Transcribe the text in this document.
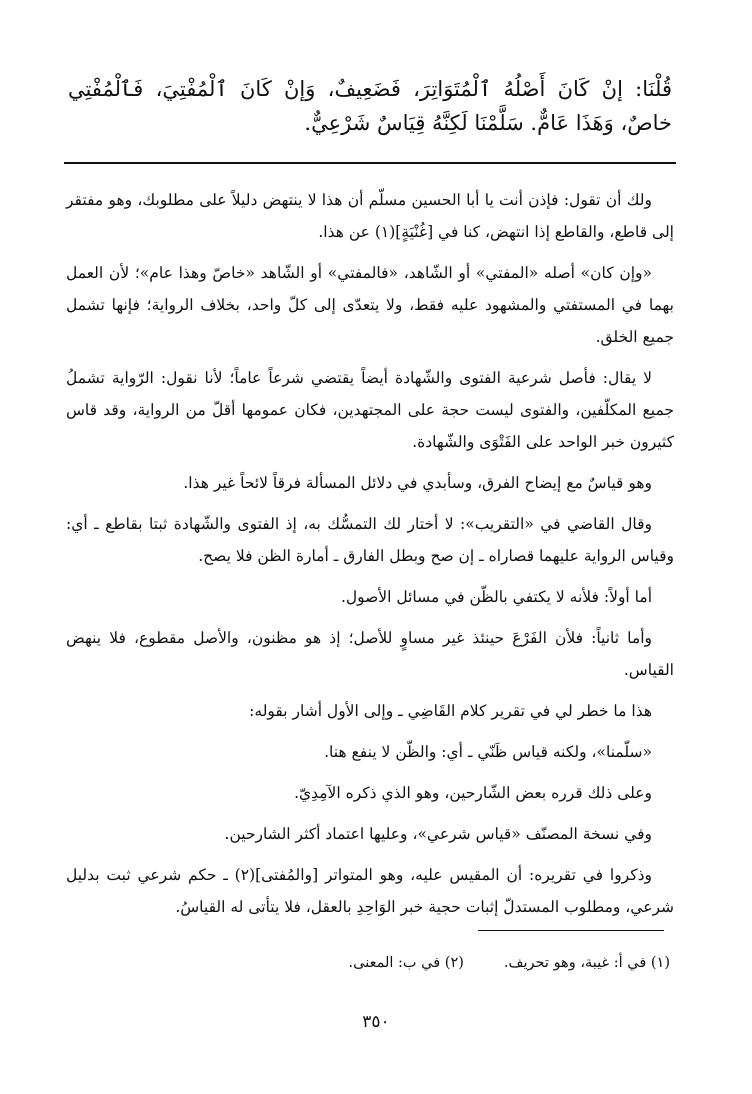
قُلْنَا: إنْ كَانَ أَصْلُهُ ٱلْمُتَوَاتِرَ، فَضَعِيفٌ، وَإنْ كَانَ ٱلْمُفْتِيَ، فَٱلْمُفْتِي خاصٌ، وَهَذَا عَامٌّ. سَلَّمْنَا لَكِنَّهُ قِيَاسٌ شَرْعِيٌّ.

ولك أن تقول: فإذن أنت يا أبا الحسين مسلّم أن هذا لا ينتهض دليلاً على مطلوبك، وهو مفتقر إلى قاطع، والقاطع إذا انتهض، كنا في [غُنْيَةٍ](١) عن هذا.

«وإن كان» أصله «المفتي» أو الشّاهد، «فالمفتي» أو الشّاهد «خاصّ وهذا عام»؛ لأن العمل بهما في المستفتي والمشهود عليه فقط، ولا يتعدّى إلى كلّ واحد، بخلاف الرواية؛ فإنها تشمل جميع الخلق.

لا يقال: فأصل شرعية الفتوى والشّهادة أيضاً يقتضي شرعاً عاماً؛ لأنا نقول: الرّواية تشملُ جميع المكلّفين، والفتوى ليست حجة على المجتهدين، فكان عمومها أقلّ من الرواية، وقد قاس كثيرون خبر الواحد على الفَتْوَى والشّهادة.

وهو قياسٌ مع إيضاح الفرق، وسأبدي في دلائل المسألة فرقاً لائحاً غير هذا.

وقال القاضي في «التقريب»: لا أختار لك التمسُّك به، إذ الفتوى والشّهادة ثبتا بقاطع ـ أي: وقياس الرواية عليهما قصاراه ـ إن صح وبطل الفارق ـ أمارة الظن فلا يصح.

أما أولاً: فلأنه لا يكتفي بالظّن في مسائل الأصول.

وأما ثانياً: فلأن الفَرْعَ حينئذ غير مساوٍ للأصل؛ إذ هو مظنون، والأصل مقطوع، فلا ينهض القياس.

هذا ما خطر لي في تقرير كلام القَاضِي ـ وإلى الأول أشار بقوله:

«سلّمنا»، ولكنه قياس ظَنّي ـ أي: والظّن لا ينفع هنا.

وعلى ذلك قرره بعض الشّارحين، وهو الذي ذكره الآمِدِيّ.

وفي نسخة المصنّف «قياس شرعي»، وعليها اعتماد أكثر الشارحين.

وذكروا في تقريره: أن المقيس عليه، وهو المتواتر [والمُفتى](٢) ـ حكم شرعي ثبت بدليل شرعي، ومطلوب المستدلّ إثبات حجية خبر الوَاحِدِ بالعقل، فلا يتأتى له القياسُ.

(١) في أ: غيبة، وهو تحريف.
(٢) في ب: المعنى.
٣٥٠
